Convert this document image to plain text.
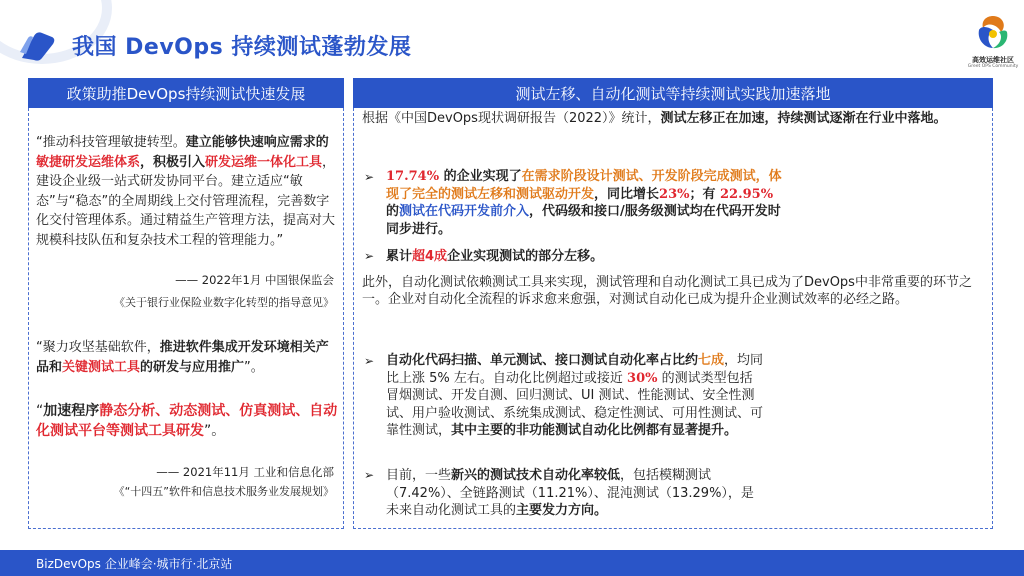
我国 DevOps 持续测试蓬勃发展	高效运维社区
Greet OPS Community
政策助推DevOps持续测试快速发展
“推动科技管理敏捷转型。建立能够快速响应需求的敏捷研发运维体系，积极引入研发运维一体化工具，建设企业级一站式研发协同平台。建立适应“敏态”与“稳态”的全周期线上交付管理流程，完善数字化交付管理体系。通过精益生产管理方法，提高对大规模科技队伍和复杂技术工程的管理能力。”
—— 2022年1月 中国银保监会
《关于银行业保险业数字化转型的指导意见》
“聚力攻坚基础软件，推进软件集成开发环境相关产品和关键测试工具的研发与应用推广”。
“加速程序静态分析、动态测试、仿真测试、自动化测试平台等测试工具研发”。
—— 2021年11月 工业和信息化部
《“十四五”软件和信息技术服务业发展规划》
测试左移、自动化测试等持续测试实践加速落地
根据《中国DevOps现状调研报告（2022）》统计，测试左移正在加速，持续测试逐渐在行业中落地。
➢ 17.74% 的企业实现了在需求阶段设计测试、开发阶段完成测试，体现了完全的测试左移和测试驱动开发，同比增长23%；有 22.95% 的测试在代码开发前介入，代码级和接口/服务级测试均在代码开发时同步进行。
➢ 累计超4成企业实现测试的部分左移。
此外，自动化测试依赖测试工具来实现，测试管理和自动化测试工具已成为了DevOps中非常重要的环节之一。企业对自动化全流程的诉求愈来愈强，对测试自动化已成为提升企业测试效率的必经之路。
➢ 自动化代码扫描、单元测试、接口测试自动化率占比约七成，均同比上涨 5% 左右。自动化比例超过或接近 30% 的测试类型包括冒烟测试、开发自测、回归测试、UI 测试、性能测试、安全性测试、用户验收测试、系统集成测试、稳定性测试、可用性测试、可靠性测试，其中主要的非功能测试自动化比例都有显著提升。
➢ 目前，一些新兴的测试技术自动化率较低，包括模糊测试（7.42%）、全链路测试（11.21%）、混沌测试（13.29%），是未来自动化测试工具的主要发力方向。
BizDevOps 企业峰会·城市行·北京站
